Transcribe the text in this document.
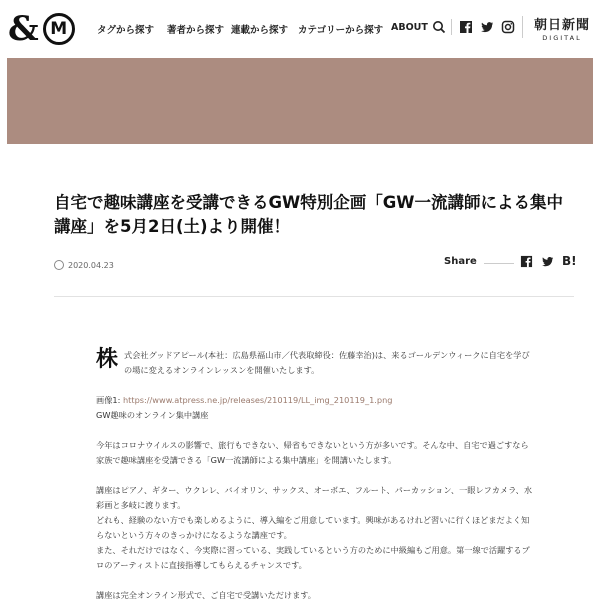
& M	タグから探す 著者から探す 連載から探す カテゴリーから探す ABOUT	朝日新聞
DIGITAL
自宅で趣味講座を受講できるGW特別企画「GW一流講師による集中講座」を5月2日(土)より開催！
2020.04.23	Share	B!
株 式会社グッドアピール(本社：広島県福山市／代表取締役：佐藤幸治)は、来るゴールデンウィークに自宅を学びの場に変えるオンラインレッスンを開催いたします。
画像1: https://www.atpress.ne.jp/releases/210119/LL_img_210119_1.png
GW趣味のオンライン集中講座
今年はコロナウイルスの影響で、旅行もできない、帰省もできないという方が多いです。そんな中、自宅で過ごすなら家族で趣味講座を受講できる「GW一流講師による集中講座」を開講いたします。
講座はピアノ、ギター、ウクレレ、バイオリン、サックス、オーボエ、フルート、パーカッション、一眼レフカメラ、水彩画と多岐に渡ります。
どれも、経験のない方でも楽しめるように、導入編をご用意しています。興味があるけれど習いに行くほどまだよく知らないという方々のきっかけになるような講座です。
また、それだけではなく、今実際に習っている、実践しているという方のために中級編もご用意。第一線で活躍するプロのアーティストに直接指導してもらえるチャンスです。
講座は完全オンライン形式で、ご自宅で受講いただけます。
